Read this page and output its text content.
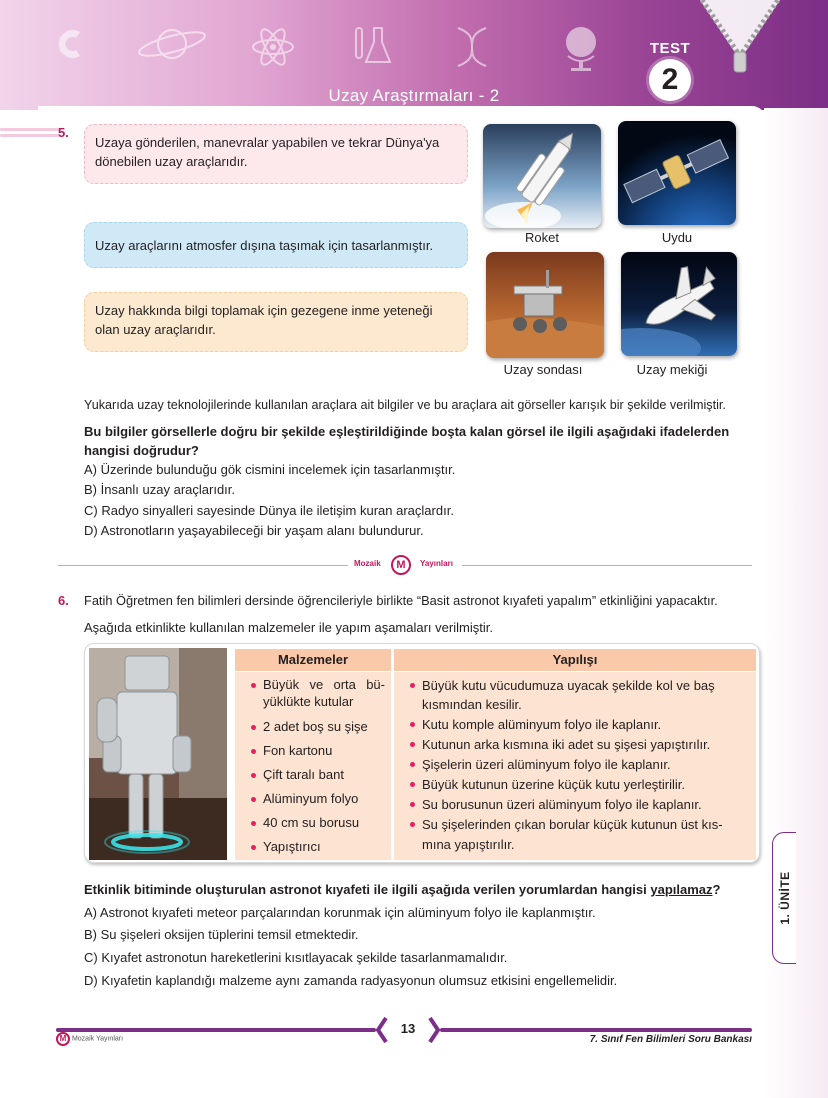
TEST
2
Uzay Araştırmaları - 2
5.
Uzaya gönderilen, manevralar yapabilen ve tekrar Dünya'ya dönebilen uzay araçlarıdır.
Uzay araçlarını atmosfer dışına taşımak için tasarlanmıştır.
Uzay hakkında bilgi toplamak için gezegene inme yeteneği olan uzay araçlarıdır.
Roket	Uydu
Uzay sondası	Uzay mekiği
Yukarıda uzay teknolojilerinde kullanılan araçlara ait bilgiler ve bu araçlara ait görseller karışık bir şekilde verilmiştir.
Bu bilgiler görsellerle doğru bir şekilde eşleştirildiğinde boşta kalan görsel ile ilgili aşağıdaki ifadelerden hangisi doğrudur?
A) Üzerinde bulunduğu gök cismini incelemek için tasarlanmıştır.
B) İnsanlı uzay araçlarıdır.
C) Radyo sinyalleri sayesinde Dünya ile iletişim kuran araçlardır.
D) Astronotların yaşayabileceği bir yaşam alanı bulundurur.
Mozaik	M	Yayınları
6. Fatih Öğretmen fen bilimleri dersinde öğrencileriyle birlikte “Basit astronot kıyafeti yapalım” etkinliğini yapacaktır.
Aşağıda etkinlikte kullanılan malzemeler ile yapım aşamaları verilmiştir.
Malzemeler	Yapılışı
Büyük ve orta bü-yüklükte kutular
2 adet boş su şişe
Fon kartonu
Çift taralı bant
Alüminyum folyo
40 cm su borusu
Yapıştırıcı
Büyük kutu vücudumuza uyacak şekilde kol ve baş kısmından kesilir.
Kutu komple alüminyum folyo ile kaplanır.
Kutunun arka kısmına iki adet su şişesi yapıştırılır.
Şişelerin üzeri alüminyum folyo ile kaplanır.
Büyük kutunun üzerine küçük kutu yerleştirilir.
Su borusunun üzeri alüminyum folyo ile kaplanır.
Su şişelerinden çıkan borular küçük kutunun üst kıs-mına yapıştırılır.
Etkinlik bitiminde oluşturulan astronot kıyafeti ile ilgili aşağıda verilen yorumlardan hangisi yapılamaz?
A) Astronot kıyafeti meteor parçalarından korunmak için alüminyum folyo ile kaplanmıştır.
B) Su şişeleri oksijen tüplerini temsil etmektedir.
C) Kıyafet astronotun hareketlerini kısıtlayacak şekilde tasarlanmamalıdır.
D) Kıyafetin kaplandığı malzeme aynı zamanda radyasyonun olumsuz etkisini engellemelidir.
1. ÜNİTE
13
M Mozaik Yayınları	7. Sınıf Fen Bilimleri Soru Bankası
